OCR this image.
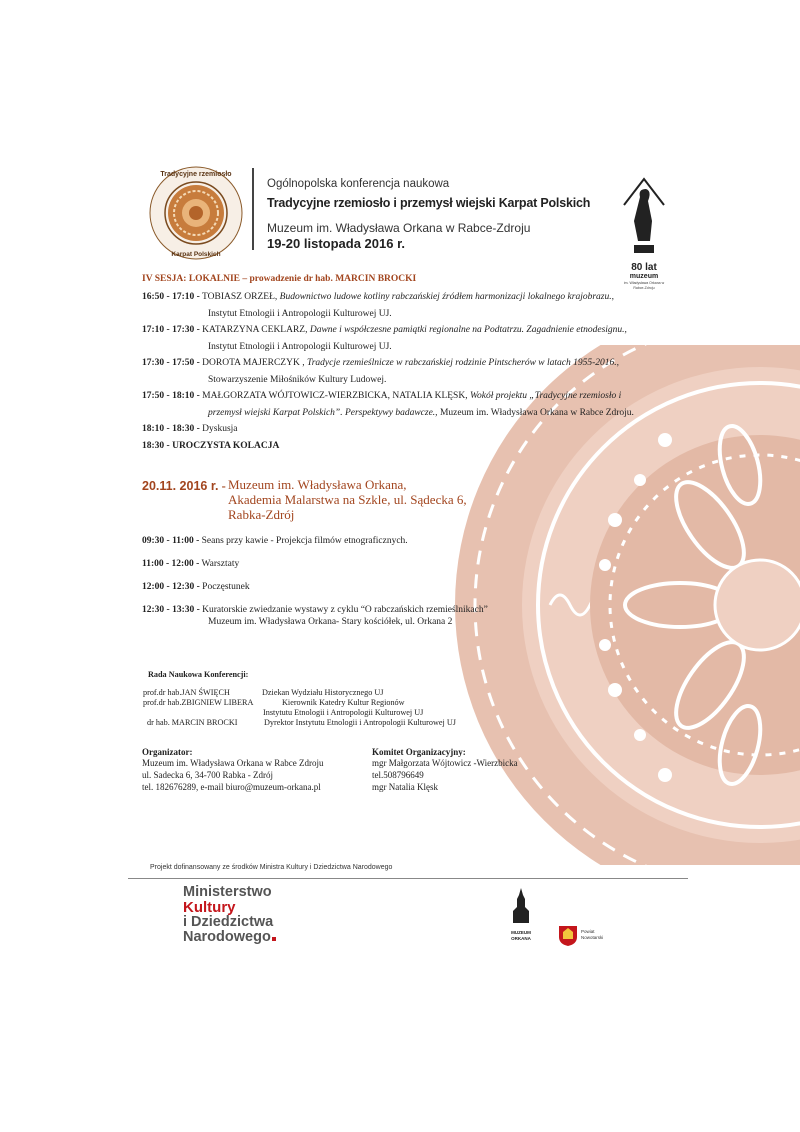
Tradycyjne rzemiosło
Karpat Polskich
Ogólnopolska konferencja naukowa
Tradycyjne rzemiosło i przemysł wiejski Karpat Polskich
Muzeum im. Władysława Orkana w Rabce-Zdroju
19-20 listopada 2016 r.
80 lat
muzeum
im. Władysława Orkana w Rabce-Zdroju
IV SESJA: LOKALNIE – prowadzenie dr hab. MARCIN BROCKI
16:50 - 17:10 - TOBIASZ ORZEŁ, Budownictwo ludowe kotliny rabczańskiej źródłem harmonizacji lokalnego krajobrazu.,
Instytut Etnologii i Antropologii Kulturowej UJ.
17:10 - 17:30 - KATARZYNA CEKLARZ, Dawne i współczesne pamiątki regionalne na Podtatrzu. Zagadnienie etnodesignu.,
Instytut Etnologii i Antropologii Kulturowej UJ.
17:30 - 17:50 - DOROTA MAJERCZYK , Tradycje rzemieślnicze w rabczańskiej rodzinie Pintscherów w latach 1955-2016.,
Stowarzyszenie Miłośników Kultury Ludowej.
17:50 - 18:10 - MAŁGORZATA WÓJTOWICZ-WIERZBICKA, NATALIA KLĘSK, Wokół projektu „Tradycyjne rzemiosło i
przemysł wiejski Karpat Polskich”. Perspektywy badawcze., Muzeum im. Władysława Orkana w Rabce Zdroju.
18:10 - 18:30 - Dyskusja
18:30 - UROCZYSTA KOLACJA
20.11. 2016 r. - Muzeum im. Władysława Orkana,
Akademia Malarstwa na Szkle, ul. Sądecka 6,
Rabka-Zdrój
09:30 - 11:00 - Seans przy kawie - Projekcja filmów etnograficznych.
11:00 - 12:00 - Warsztaty
12:00 - 12:30 - Poczęstunek
12:30 - 13:30 - Kuratorskie zwiedzanie wystawy z cyklu “O rabczańskich rzemieślnikach”
Muzeum im. Władysława Orkana- Stary kościółek, ul. Orkana 2
Rada Naukowa Konferencji:
prof.dr hab.JAN ŚWIĘCH	Dziekan Wydziału Historycznego UJ
prof.dr hab.ZBIGNIEW LIBERA	Kierownik Katedry Kultur Regionów
Instytutu Etnologii i Antropologii Kulturowej UJ
dr hab. MARCIN BROCKI	Dyrektor Instytutu Etnologii i Antropologii Kulturowej UJ
Organizator:
Muzeum im. Władysława Orkana w Rabce Zdroju
ul. Sadecka 6, 34-700 Rabka - Zdrój
tel. 182676289, e-mail biuro@muzeum-orkana.pl
Komitet Organizacyjny:
mgr Małgorzata Wójtowicz -Wierzbicka
tel.508796649
mgr Natalia Klęsk
Projekt dofinansowany ze środków Ministra Kultury i Dziedzictwa Narodowego
Ministerstwo
Kultury
i Dziedzictwa
Narodowego	MUZEUM
ORKANA
Powiat
Nowotarski
